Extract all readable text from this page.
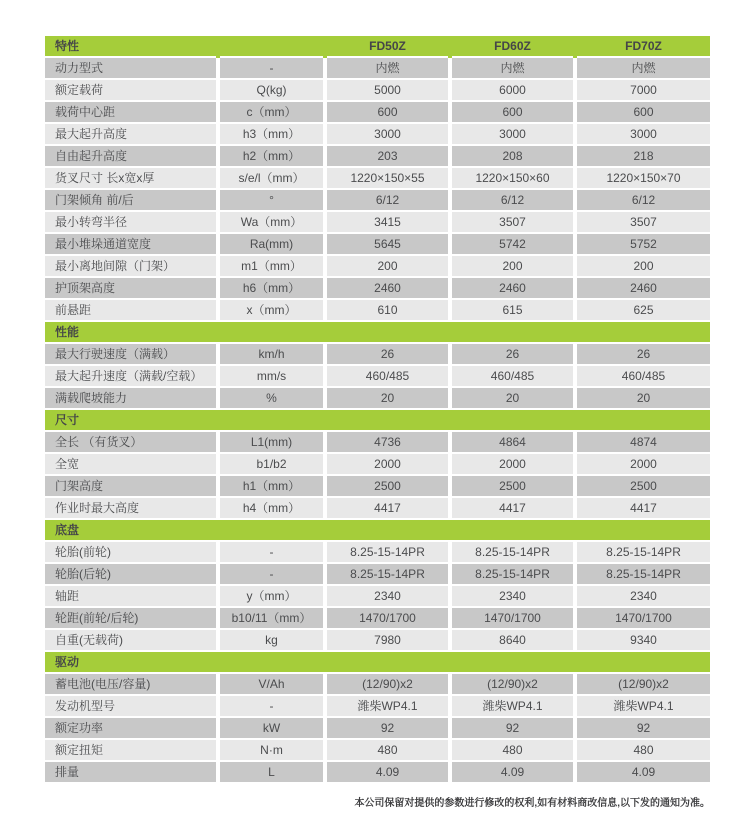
特性		FD50Z	FD60Z	FD70Z
动力型式	-	内燃	内燃	内燃
额定载荷	Q(kg)	5000	6000	7000
载荷中心距	c（mm）	600	600	600
最大起升高度	h3（mm）	3000	3000	3000
自由起升高度	h2（mm）	203	208	218
货叉尺寸 长x宽x厚	s/e/l（mm）	1220×150×55	1220×150×60	1220×150×70
门架倾角 前/后	°	6/12	6/12	6/12
最小转弯半径	Wa（mm）	3415	3507	3507
最小堆垛通道宽度	Ra(mm)	5645	5742	5752
最小离地间隙（门架）	m1（mm）	200	200	200
护顶架高度	h6（mm）	2460	2460	2460
前悬距	x（mm）	610	615	625
性能				
最大行驶速度（满载）	km/h	26	26	26
最大起升速度（满载/空载）	mm/s	460/485	460/485	460/485
满载爬坡能力	%	20	20	20
尺寸				
全长 （有货叉）	L1(mm)	4736	4864	4874
全宽	b1/b2	2000	2000	2000
门架高度	h1（mm）	2500	2500	2500
作业时最大高度	h4（mm）	4417	4417	4417
底盘				
轮胎(前轮)	-	8.25-15-14PR	8.25-15-14PR	8.25-15-14PR
轮胎(后轮)	-	8.25-15-14PR	8.25-15-14PR	8.25-15-14PR
轴距	y（mm）	2340	2340	2340
轮距(前轮/后轮)	b10/11（mm）	1470/1700	1470/1700	1470/1700
自重(无载荷)	kg	7980	8640	9340
驱动				
蓄电池(电压/容量)	V/Ah	(12/90)x2	(12/90)x2	(12/90)x2
发动机型号	-	潍柴WP4.1	潍柴WP4.1	潍柴WP4.1
额定功率	kW	92	92	92
额定扭矩	N·m	480	480	480
排量	L	4.09	4.09	4.09
本公司保留对提供的参数进行修改的权利,如有材料商改信息,以下发的通知为准。
